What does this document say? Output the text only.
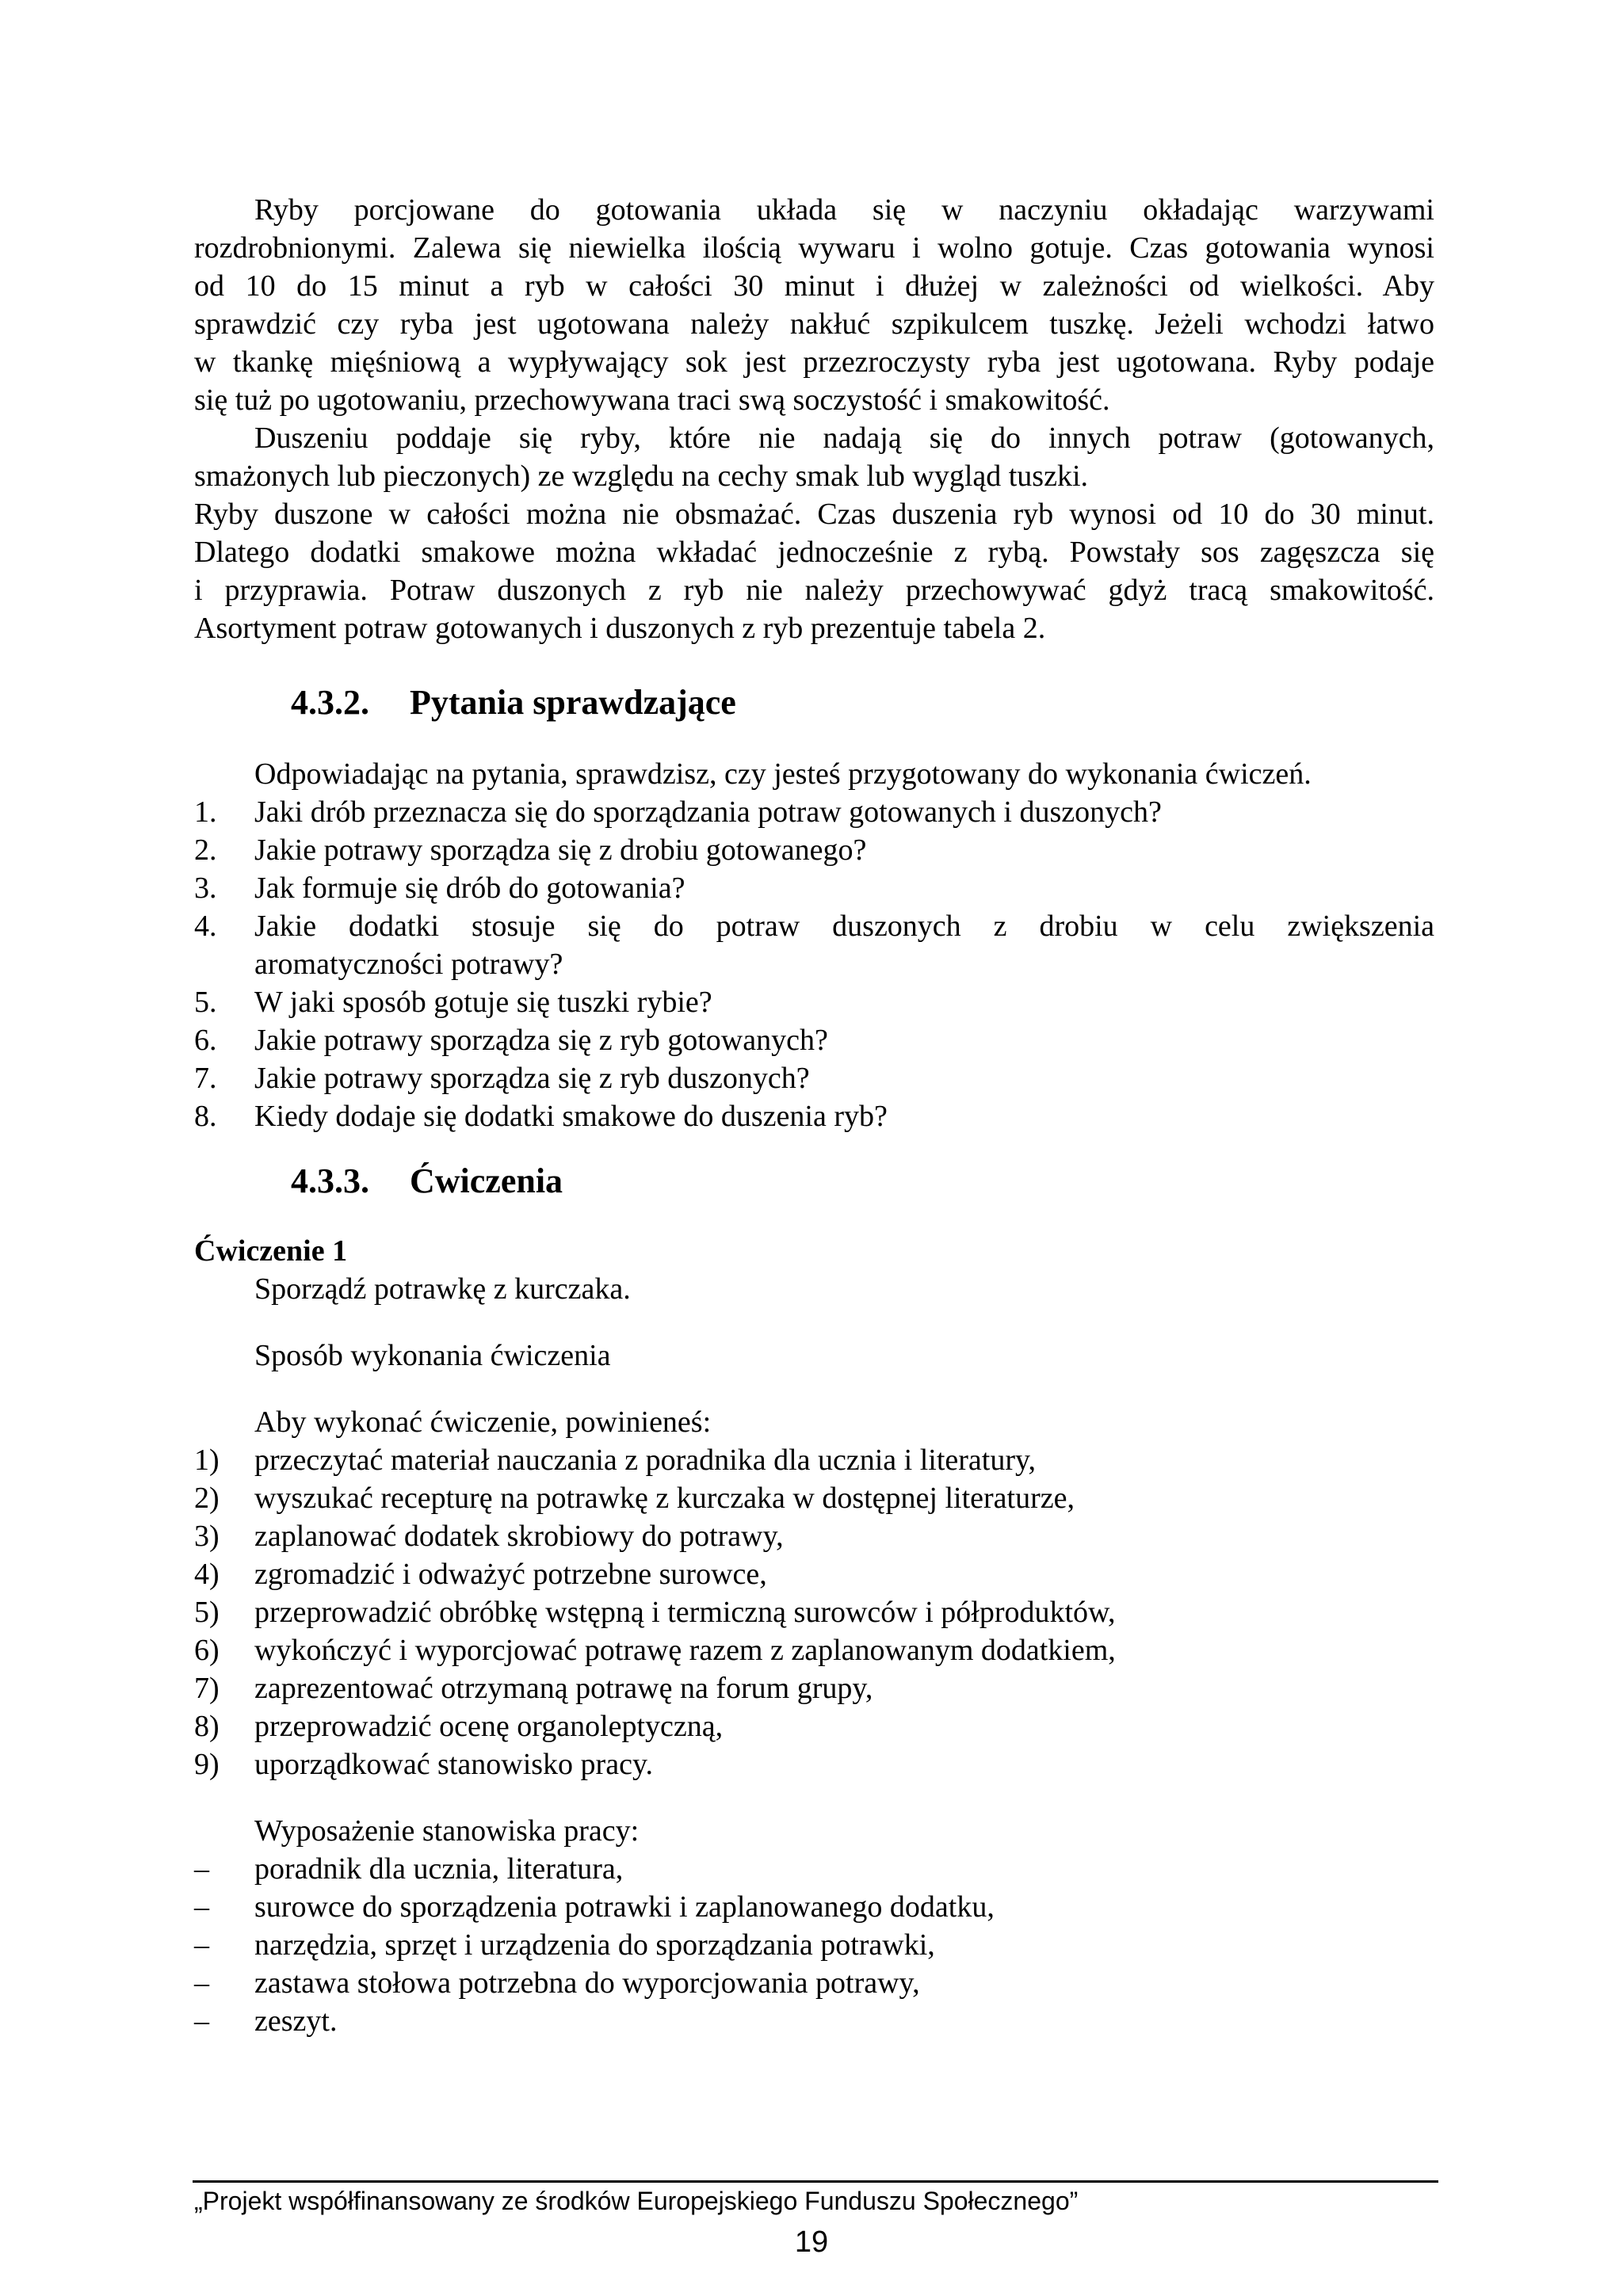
Ryby porcjowane do gotowania układa się w naczyniu okładając warzywami

rozdrobnionymi. Zalewa się niewielka ilością wywaru i wolno gotuje. Czas gotowania wynosi

od 10 do 15 minut a ryb w całości 30 minut i dłużej w zależności od wielkości. Aby

sprawdzić czy ryba jest ugotowana należy nakłuć szpikulcem tuszkę. Jeżeli wchodzi łatwo

w tkankę mięśniową a wypływający sok jest przezroczysty ryba jest ugotowana. Ryby podaje

się tuż po ugotowaniu, przechowywana traci swą soczystość i smakowitość.

Duszeniu poddaje się ryby, które nie nadają się do innych potraw (gotowanych,

smażonych lub pieczonych) ze względu na cechy smak lub wygląd tuszki.

Ryby duszone w całości można nie obsmażać. Czas duszenia ryb wynosi od 10 do 30 minut.

Dlatego dodatki smakowe można wkładać jednocześnie z rybą. Powstały sos zagęszcza się

i przyprawia. Potraw duszonych z ryb nie należy przechowywać gdyż tracą smakowitość.

Asortyment potraw gotowanych i duszonych z ryb prezentuje tabela 2.

4.3.2.	Pytania sprawdzające

Odpowiadając na pytania, sprawdzisz, czy jesteś przygotowany do wykonania ćwiczeń.

1.	Jaki drób przeznacza się do sporządzania potraw gotowanych i duszonych?
2.	Jakie potrawy sporządza się z drobiu gotowanego?
3.	Jak formuje się drób do gotowania?
4.	Jakie dodatki stosuje się do potraw duszonych z drobiu w celu zwiększenia
aromatyczności potrawy?
5.	W jaki sposób gotuje się tuszki rybie?
6.	Jakie potrawy sporządza się z ryb gotowanych?
7.	Jakie potrawy sporządza się z ryb duszonych?
8.	Kiedy dodaje się dodatki smakowe do duszenia ryb?
4.3.3.	Ćwiczenia

Ćwiczenie 1

Sporządź potrawkę z kurczaka.

Sposób wykonania ćwiczenia

Aby wykonać ćwiczenie, powinieneś:

1)	przeczytać materiał nauczania z poradnika dla ucznia i literatury,
2)	wyszukać recepturę na potrawkę z kurczaka w dostępnej literaturze,
3)	zaplanować dodatek skrobiowy do potrawy,
4)	zgromadzić i odważyć potrzebne surowce,
5)	przeprowadzić obróbkę wstępną i termiczną surowców i półproduktów,
6)	wykończyć i wyporcjować potrawę razem z zaplanowanym dodatkiem,
7)	zaprezentować otrzymaną potrawę na forum grupy,
8)	przeprowadzić ocenę organoleptyczną,
9)	uporządkować stanowisko pracy.

Wyposażenie stanowiska pracy:

–	poradnik dla ucznia, literatura,
–	surowce do sporządzenia potrawki i zaplanowanego dodatku,
–	narzędzia, sprzęt i urządzenia do sporządzania potrawki,
–	zastawa stołowa potrzebna do wyporcjowania potrawy,
–	zeszyt.
„Projekt współfinansowany ze środków Europejskiego Funduszu Społecznego”
19
